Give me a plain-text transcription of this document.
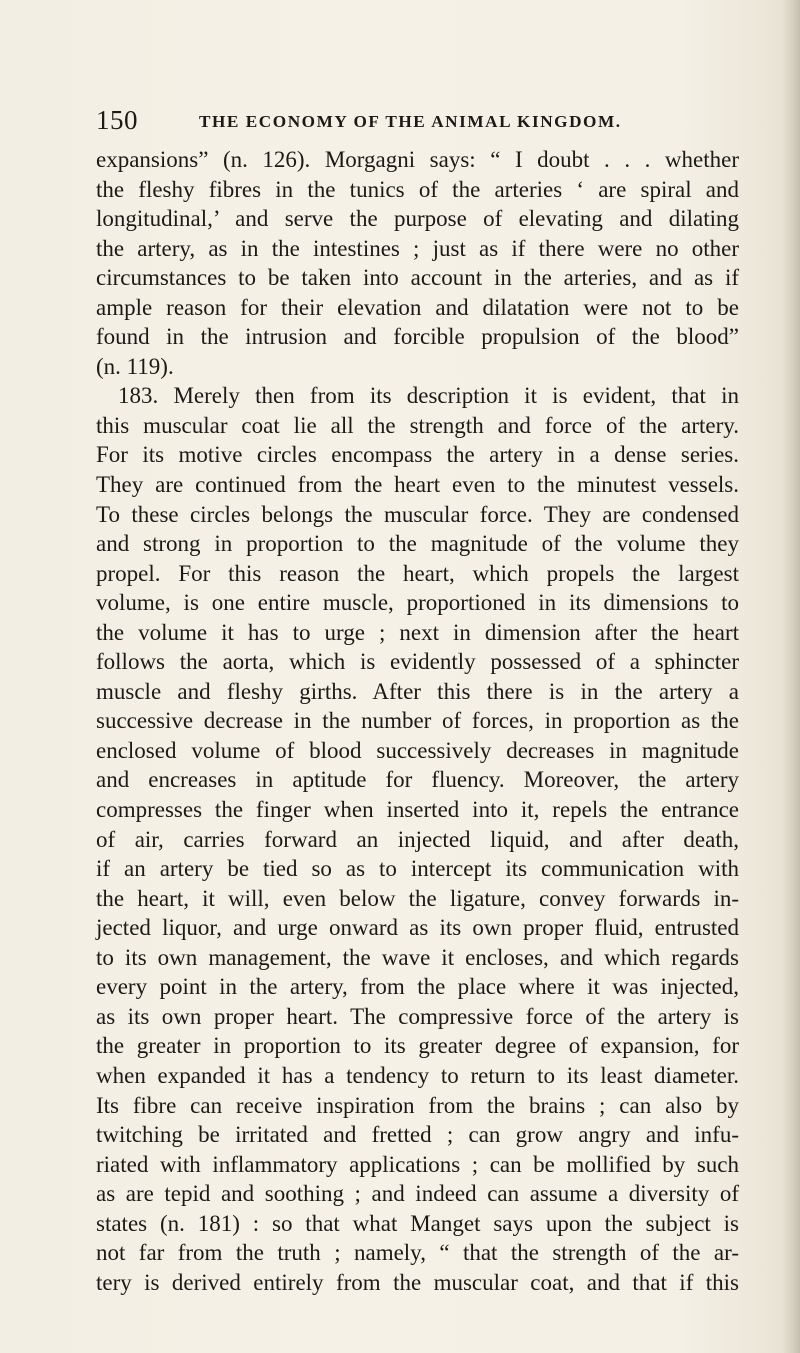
150	THE ECONOMY OF THE ANIMAL KINGDOM.
expansions” (n. 126). Morgagni says: “ I doubt . . . whether
the fleshy fibres in the tunics of the arteries ‘ are spiral and
longitudinal,’ and serve the purpose of elevating and dilating
the artery, as in the intestines ; just as if there were no other
circumstances to be taken into account in the arteries, and as if
ample reason for their elevation and dilatation were not to be
found in the intrusion and forcible propulsion of the blood”
(n. 119).
183. Merely then from its description it is evident, that in
this muscular coat lie all the strength and force of the artery.
For its motive circles encompass the artery in a dense series.
They are continued from the heart even to the minutest vessels.
To these circles belongs the muscular force. They are condensed
and strong in proportion to the magnitude of the volume they
propel. For this reason the heart, which propels the largest
volume, is one entire muscle, proportioned in its dimensions to
the volume it has to urge ; next in dimension after the heart
follows the aorta, which is evidently possessed of a sphincter
muscle and fleshy girths. After this there is in the artery a
successive decrease in the number of forces, in proportion as the
enclosed volume of blood successively decreases in magnitude
and encreases in aptitude for fluency. Moreover, the artery
compresses the finger when inserted into it, repels the entrance
of air, carries forward an injected liquid, and after death,
if an artery be tied so as to intercept its communication with
the heart, it will, even below the ligature, convey forwards in-
jected liquor, and urge onward as its own proper fluid, entrusted
to its own management, the wave it encloses, and which regards
every point in the artery, from the place where it was injected,
as its own proper heart. The compressive force of the artery is
the greater in proportion to its greater degree of expansion, for
when expanded it has a tendency to return to its least diameter.
Its fibre can receive inspiration from the brains ; can also by
twitching be irritated and fretted ; can grow angry and infu-
riated with inflammatory applications ; can be mollified by such
as are tepid and soothing ; and indeed can assume a diversity of
states (n. 181) : so that what Manget says upon the subject is
not far from the truth ; namely, “ that the strength of the ar-
tery is derived entirely from the muscular coat, and that if this
